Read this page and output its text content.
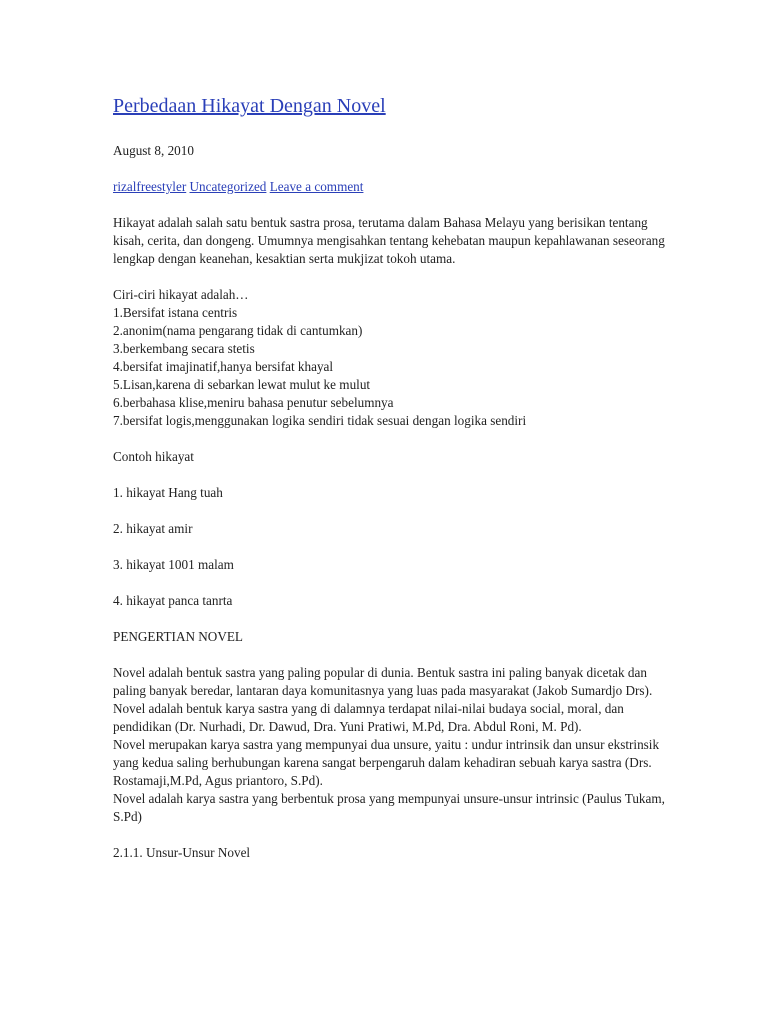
Perbedaan Hikayat Dengan Novel
August 8, 2010
rizalfreestyler Uncategorized Leave a comment
Hikayat adalah salah satu bentuk sastra prosa, terutama dalam Bahasa Melayu yang berisikan tentang kisah, cerita, dan dongeng. Umumnya mengisahkan tentang kehebatan maupun kepahlawanan seseorang lengkap dengan keanehan, kesaktian serta mukjizat tokoh utama.
Ciri-ciri hikayat adalah…
1.Bersifat istana centris
2.anonim(nama pengarang tidak di cantumkan)
3.berkembang secara stetis
4.bersifat imajinatif,hanya bersifat khayal
5.Lisan,karena di sebarkan lewat mulut ke mulut
6.berbahasa klise,meniru bahasa penutur sebelumnya
7.bersifat logis,menggunakan logika sendiri tidak sesuai dengan logika sendiri
Contoh hikayat
1. hikayat Hang tuah
2. hikayat amir
3. hikayat 1001 malam
4. hikayat panca tanrta
PENGERTIAN NOVEL
Novel adalah bentuk sastra yang paling popular di dunia. Bentuk sastra ini paling banyak dicetak dan paling banyak beredar, lantaran daya komunitasnya yang luas pada masyarakat (Jakob Sumardjo Drs).
Novel adalah bentuk karya sastra yang di dalamnya terdapat nilai-nilai budaya social, moral, dan pendidikan (Dr. Nurhadi, Dr. Dawud, Dra. Yuni Pratiwi, M.Pd, Dra. Abdul Roni, M. Pd).
Novel merupakan karya sastra yang mempunyai dua unsure, yaitu : undur intrinsik dan unsur ekstrinsik yang kedua saling berhubungan karena sangat berpengaruh dalam kehadiran sebuah karya sastra (Drs. Rostamaji,M.Pd, Agus priantoro, S.Pd).
Novel adalah karya sastra yang berbentuk prosa yang mempunyai unsure-unsur intrinsic (Paulus Tukam, S.Pd)
2.1.1. Unsur-Unsur Novel
